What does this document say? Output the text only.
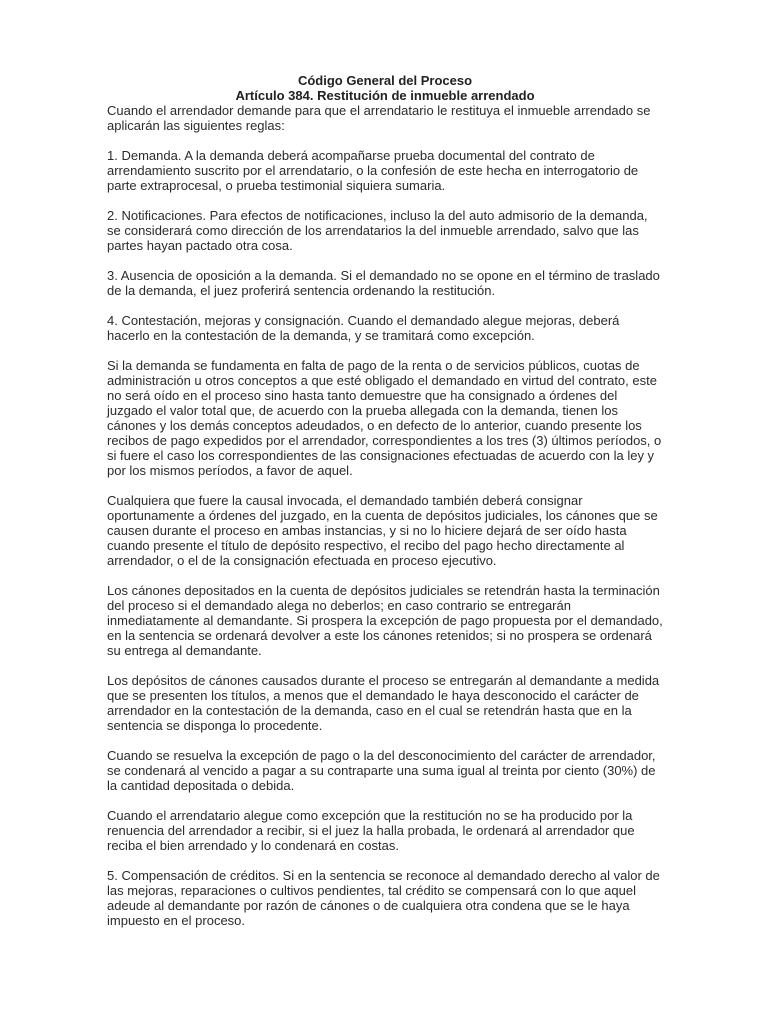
Código General del Proceso
Artículo 384. Restitución de inmueble arrendado

Cuando el arrendador demande para que el arrendatario le restituya el inmueble arrendado se aplicarán las siguientes reglas:

1. Demanda. A la demanda deberá acompañarse prueba documental del contrato de arrendamiento suscrito por el arrendatario, o la confesión de este hecha en interrogatorio de parte extraprocesal, o prueba testimonial siquiera sumaria.

2. Notificaciones. Para efectos de notificaciones, incluso la del auto admisorio de la demanda, se considerará como dirección de los arrendatarios la del inmueble arrendado, salvo que las partes hayan pactado otra cosa.

3. Ausencia de oposición a la demanda. Si el demandado no se opone en el término de traslado de la demanda, el juez proferirá sentencia ordenando la restitución.

4. Contestación, mejoras y consignación. Cuando el demandado alegue mejoras, deberá hacerlo en la contestación de la demanda, y se tramitará como excepción.

Si la demanda se fundamenta en falta de pago de la renta o de servicios públicos, cuotas de administración u otros conceptos a que esté obligado el demandado en virtud del contrato, este no será oído en el proceso sino hasta tanto demuestre que ha consignado a órdenes del juzgado el valor total que, de acuerdo con la prueba allegada con la demanda, tienen los cánones y los demás conceptos adeudados, o en defecto de lo anterior, cuando presente los recibos de pago expedidos por el arrendador, correspondientes a los tres (3) últimos períodos, o si fuere el caso los correspondientes de las consignaciones efectuadas de acuerdo con la ley y por los mismos períodos, a favor de aquel.

Cualquiera que fuere la causal invocada, el demandado también deberá consignar oportunamente a órdenes del juzgado, en la cuenta de depósitos judiciales, los cánones que se causen durante el proceso en ambas instancias, y si no lo hiciere dejará de ser oído hasta cuando presente el título de depósito respectivo, el recibo del pago hecho directamente al arrendador, o el de la consignación efectuada en proceso ejecutivo.

Los cánones depositados en la cuenta de depósitos judiciales se retendrán hasta la terminación del proceso si el demandado alega no deberlos; en caso contrario se entregarán inmediatamente al demandante. Si prospera la excepción de pago propuesta por el demandado, en la sentencia se ordenará devolver a este los cánones retenidos; si no prospera se ordenará su entrega al demandante.

Los depósitos de cánones causados durante el proceso se entregarán al demandante a medida que se presenten los títulos, a menos que el demandado le haya desconocido el carácter de arrendador en la contestación de la demanda, caso en el cual se retendrán hasta que en la sentencia se disponga lo procedente.

Cuando se resuelva la excepción de pago o la del desconocimiento del carácter de arrendador, se condenará al vencido a pagar a su contraparte una suma igual al treinta por ciento (30%) de la cantidad depositada o debida.

Cuando el arrendatario alegue como excepción que la restitución no se ha producido por la renuencia del arrendador a recibir, si el juez la halla probada, le ordenará al arrendador que reciba el bien arrendado y lo condenará en costas.

5. Compensación de créditos. Si en la sentencia se reconoce al demandado derecho al valor de las mejoras, reparaciones o cultivos pendientes, tal crédito se compensará con lo que aquel adeude al demandante por razón de cánones o de cualquiera otra condena que se le haya impuesto en el proceso.
